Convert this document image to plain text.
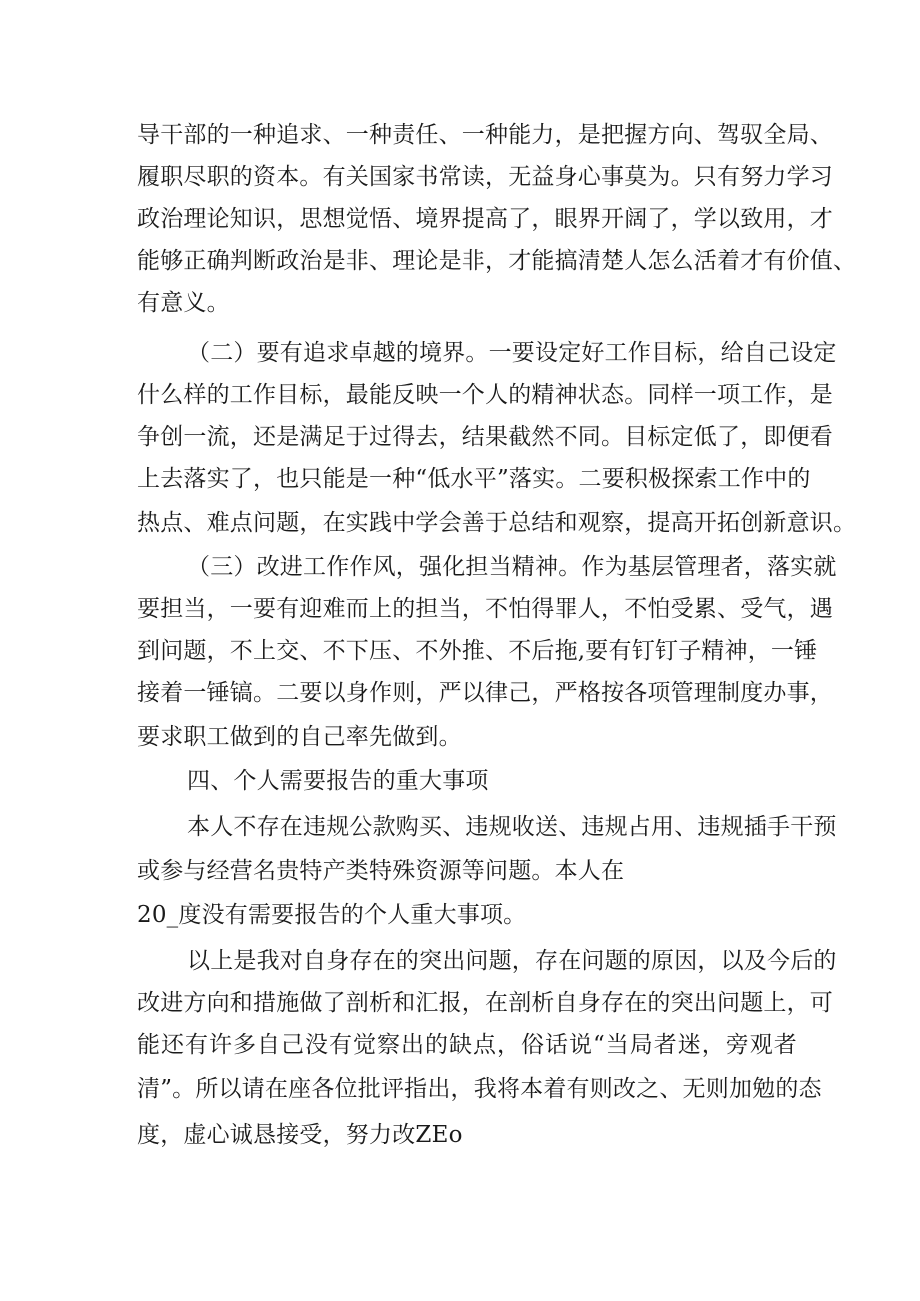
导干部的一种追求、一种责任、一种能力，是把握方向、驾驭全局、
履职尽职的资本。有关国家书常读，无益身心事莫为。只有努力学习
政治理论知识，思想觉悟、境界提高了，眼界开阔了，学以致用，才
能够正确判断政治是非、理论是非，才能搞清楚人怎么活着才有价值、
有意义。
（二）要有追求卓越的境界。一要设定好工作目标，给自己设定
什么样的工作目标，最能反映一个人的精神状态。同样一项工作，是
争创一流，还是满足于过得去，结果截然不同。目标定低了，即便看
上去落实了，也只能是一种“低水平”落实。二要积极探索工作中的
热点、难点问题，在实践中学会善于总结和观察，提高开拓创新意识。
（三）改进工作作风，强化担当精神。作为基层管理者，落实就
要担当，一要有迎难而上的担当，不怕得罪人，不怕受累、受气，遇
到问题，不上交、不下压、不外推、不后拖,要有钉钉子精神，一锤
接着一锤镐。二要以身作则，严以律己，严格按各项管理制度办事，
要求职工做到的自己率先做到。
四、个人需要报告的重大事项
本人不存在违规公款购买、违规收送、违规占用、违规插手干预
或参与经营名贵特产类特殊资源等问题。本人在
20_度没有需要报告的个人重大事项。
以上是我对自身存在的突出问题，存在问题的原因，以及今后的
改进方向和措施做了剖析和汇报，在剖析自身存在的突出问题上，可
能还有许多自己没有觉察出的缺点，俗话说“当局者迷，旁观者
清”。所以请在座各位批评指出，我将本着有则改之、无则加勉的态
度，虚心诚恳接受，努力改ZEo
